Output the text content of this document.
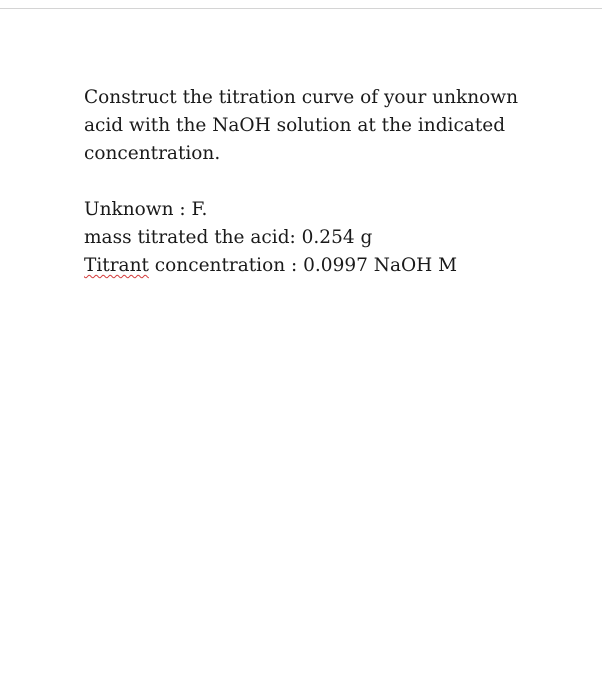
Construct the titration curve of your unknown
acid with the NaOH solution at the indicated
concentration.

Unknown : F.
mass titrated the acid: 0.254 g
Titrant concentration : 0.0997 NaOH M
